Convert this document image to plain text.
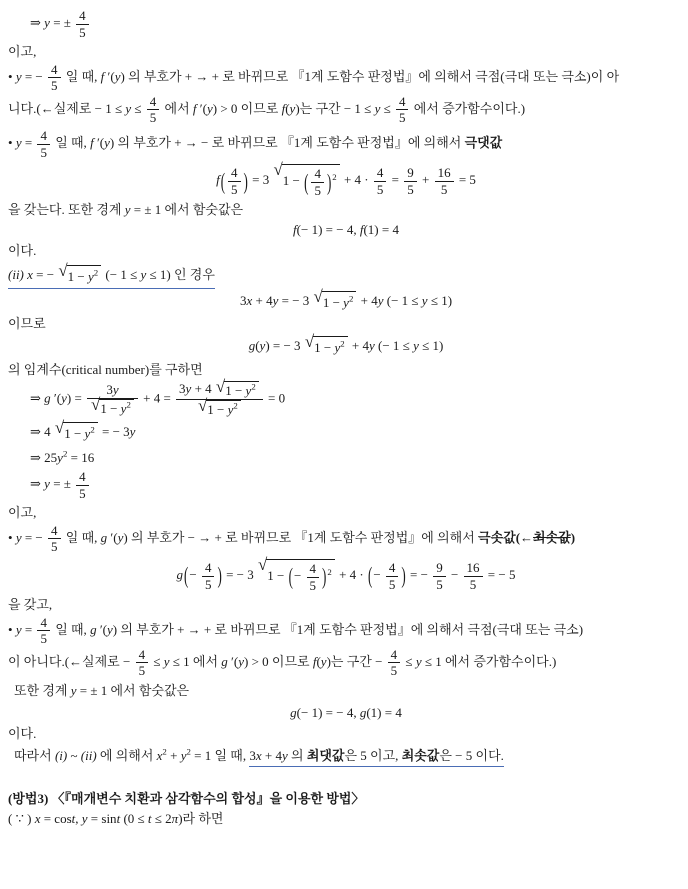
⇒ y = ± $\frac{4}{5}$
이고,
• y = − $\frac{4}{5}$ 일 때, f ′(y) 의 부호가 + → + 로 바뀌므로 『1계 도함수 판정법』에 의해서 극점(극대 또는 극소)이 아
니다.(←실제로 − $1 \le y \le \frac{4}{5}$ 에서 f ′(y) > 0 이므로 f(y)는 구간 − $1 \le y \le \frac{4}{5}$ 에서 증가함수이다.)
• $y = \frac{4}{5}$ 일 때, f ′(y) 의 부호가 + → − 로 바뀌므로 『1계 도함수 판정법』에 의해서 극댓값
$f( \frac{4}{5}$ ) = 3
√
1 − ( $\frac{4}{5} )^2 + 4 \cdot \frac{4}{5} = \frac{9}{5} + \frac{16}{5} = 5$
을 갖는다. 또한 경계 y = ± 1 에서 함숫값은
f(− 1) = − 4, f(1) = 4
이다.
(ii) x = − √ $1 - y^2$ (− 1 ≤ y ≤ 1) 인 경우
3x + 4y = − 3 √ $1 - y^2 + 4y$ (− 1 ≤ y ≤ 1)
이므로
g(y) = − 3 √ $1 - y^2 + 4y$ (− 1 ≤ y ≤ 1)
의 임계수(critical number)를 구하면
⇒ g $'(y) = \frac{3y}{√ 1 - y^2} + 4 = \frac{3y + 4 √ 1 - y^2}{√ 1 - y^2} = 0$
⇒ 4 √ $1 - y^2$ = − 3y
⇒ $25y^2 = 16$
⇒ y = ± $\frac{4}{5}$
이고,
• y = − $\frac{4}{5}$ 일 때, g ′(y) 의 부호가 − → + 로 바뀌므로 『1계 도함수 판정법』에 의해서 극솟값(←최솟값)
$g(- \frac{4}{5}$ ) = − 3
√
1 − (− $\frac{4}{5} )^2 + 4$ · (− $\frac{4}{5}$ ) = − $\frac{9}{5} - \frac{16}{5}$ = − 5
을 갖고,
• $y = \frac{4}{5}$ 일 때, g ′(y) 의 부호가 + → + 로 바뀌므로 『1계 도함수 판정법』에 의해서 극점(극대 또는 극소)
이 아니다.(←실제로 − $\frac{4}{5} \le y \le 1$ 에서 g ′(y) > 0 이므로 f(y)는 구간 − $\frac{4}{5} \le y \le 1$ 에서 증가함수이다.)
또한 경계 y = ± 1 에서 함숫값은
g(− 1) = − 4, g(1) = 4
이다.
따라서 (i) ~ (ii) 에 의해서 $x^2 + y^2 = 1$ 일 때, 3x + 4y 의 최댓값은 5 이고, 최솟값은 − 5 이다.
(방법3) 〈『매개변수 치환과 삼각함수의 합성』을 이용한 방법〉
( ∵ ) x = cost, y = sint (0 ≤ t ≤ 2π)라 하면
